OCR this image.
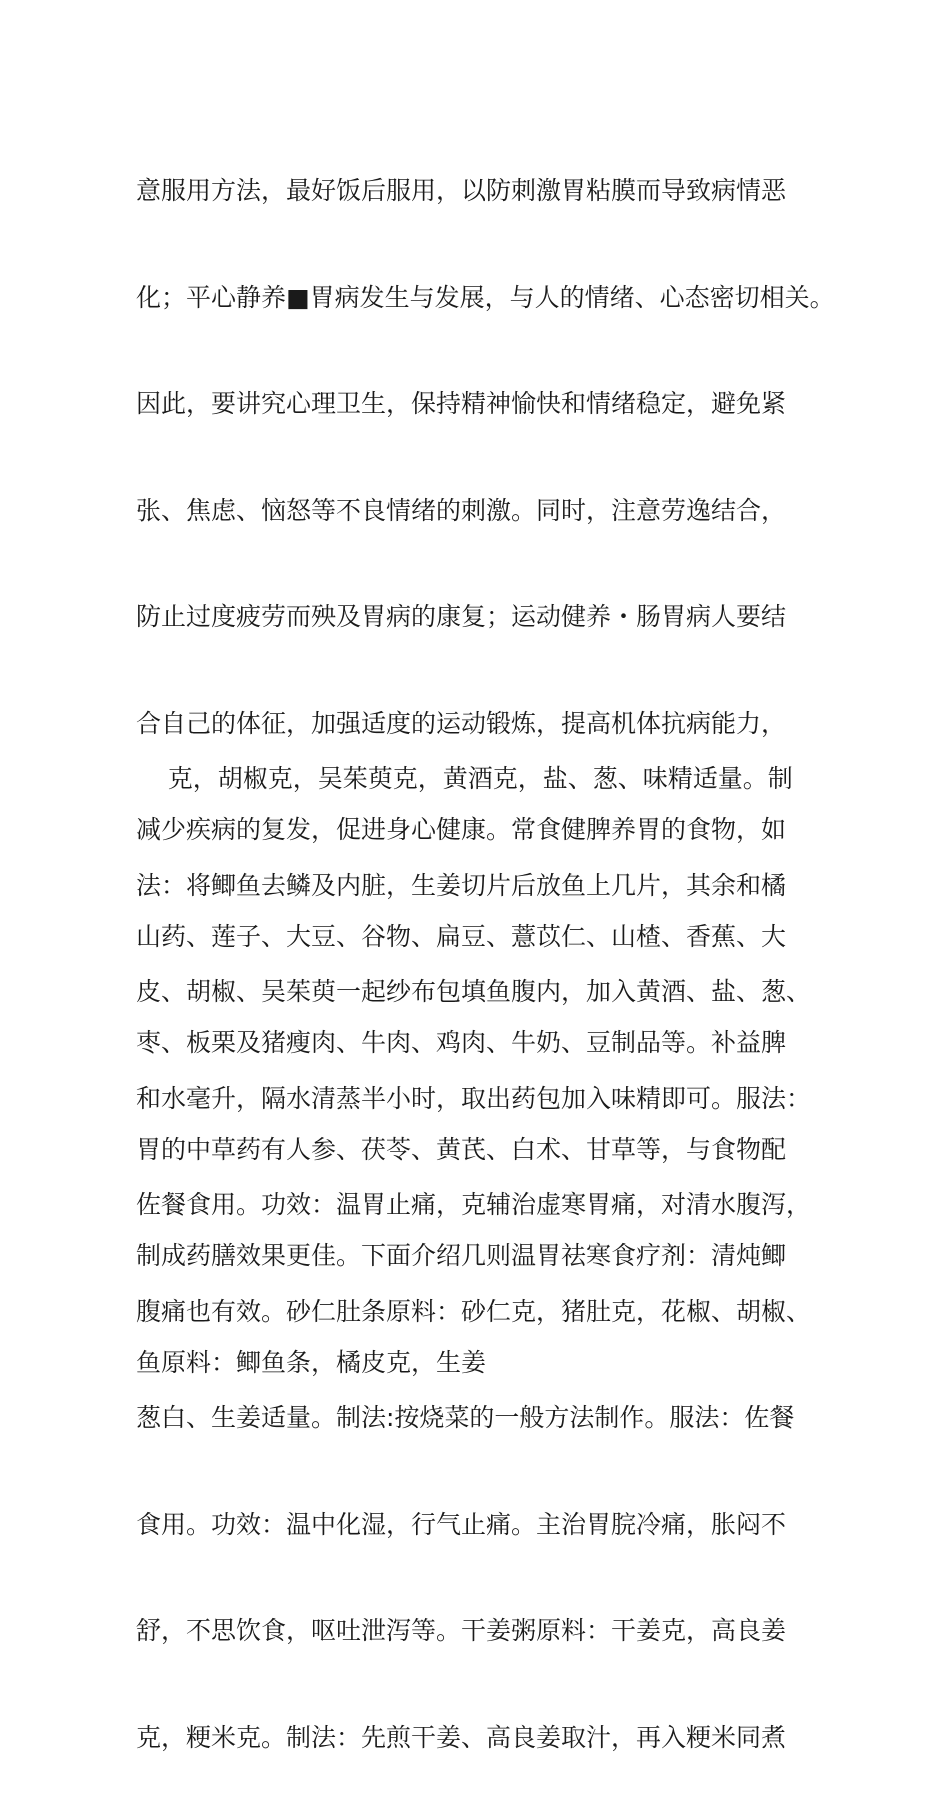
意服用方法，最好饭后服用，以防刺激胃粘膜而导致病情恶

化；平心静养■胃病发生与发展，与人的情绪、心态密切相关。

因此，要讲究心理卫生，保持精神愉快和情绪稳定，避免紧

张、焦虑、恼怒等不良情绪的刺激。同时，注意劳逸结合，

防止过度疲劳而殃及胃病的康复；运动健养・肠胃病人要结

合自己的体征，加强适度的运动锻炼，提高机体抗病能力，

减少疾病的复发，促进身心健康。常食健脾养胃的食物，如

山药、莲子、大豆、谷物、扁豆、薏苡仁、山楂、香蕉、大

枣、板栗及猪瘦肉、牛肉、鸡肉、牛奶、豆制品等。补益脾

胃的中草药有人参、茯苓、黄芪、白术、甘草等，与食物配

制成药膳效果更佳。下面介绍几则温胃祛寒食疗剂：清炖鲫

鱼原料：鲫鱼条，橘皮克，生姜

克，胡椒克，吴茱萸克，黄酒克，盐、葱、味精适量。制

法：将鲫鱼去鳞及内脏，生姜切片后放鱼上几片，其余和橘

皮、胡椒、吴茱萸一起纱布包填鱼腹内，加入黄酒、盐、葱、

和水毫升，隔水清蒸半小时，取出药包加入味精即可。服法：

佐餐食用。功效：温胃止痛，克辅治虚寒胃痛，对清水腹泻，

腹痛也有效。砂仁肚条原料：砂仁克，猪肚克，花椒、胡椒、

葱白、生姜适量。制法:按烧菜的一般方法制作。服法：佐餐

食用。功效：温中化湿，行气止痛。主治胃脘冷痛，胀闷不

舒，不思饮食，呕吐泄泻等。干姜粥原料：干姜克，高良姜

克，粳米克。制法：先煎干姜、高良姜取汁，再入粳米同煮
